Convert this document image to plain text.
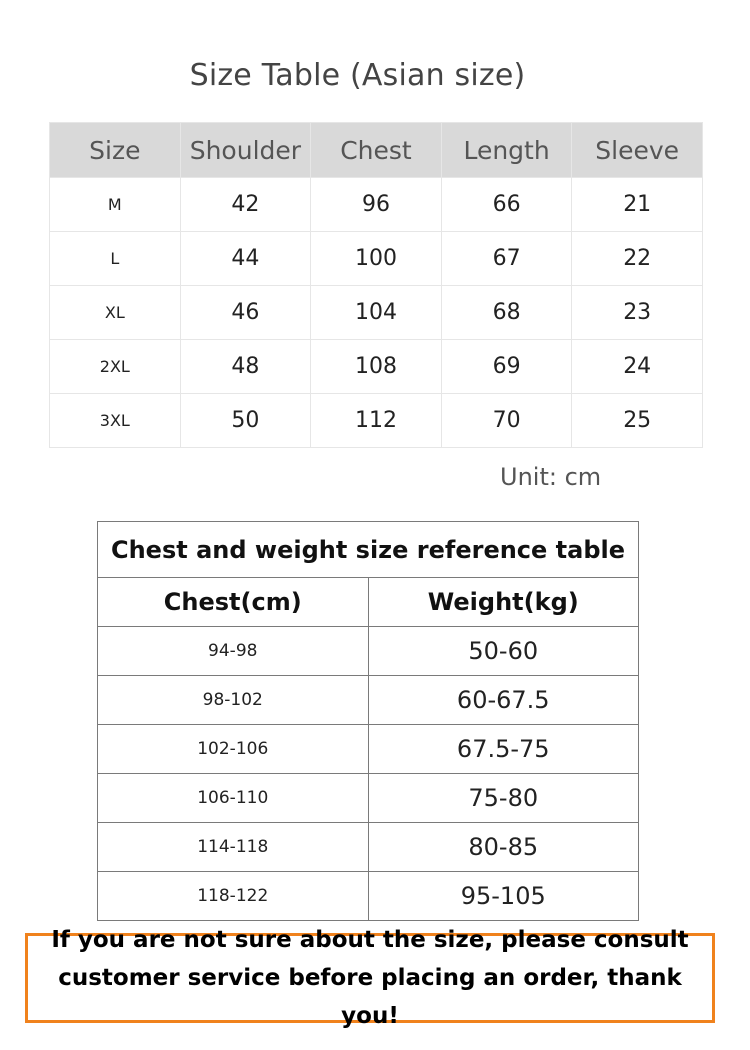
Size Table (Asian size)
Size	Shoulder	Chest	Length	Sleeve
M	42	96	66	21
L	44	100	67	22
XL	46	104	68	23
2XL	48	108	69	24
3XL	50	112	70	25
Unit: cm
Chest and weight size reference table	
Chest(cm)	Weight(kg)
94-98	50-60
98-102	60-67.5
102-106	67.5-75
106-110	75-80
114-118	80-85
118-122	95-105
If you are not sure about the size, please consult
customer service before placing an order, thank you!
